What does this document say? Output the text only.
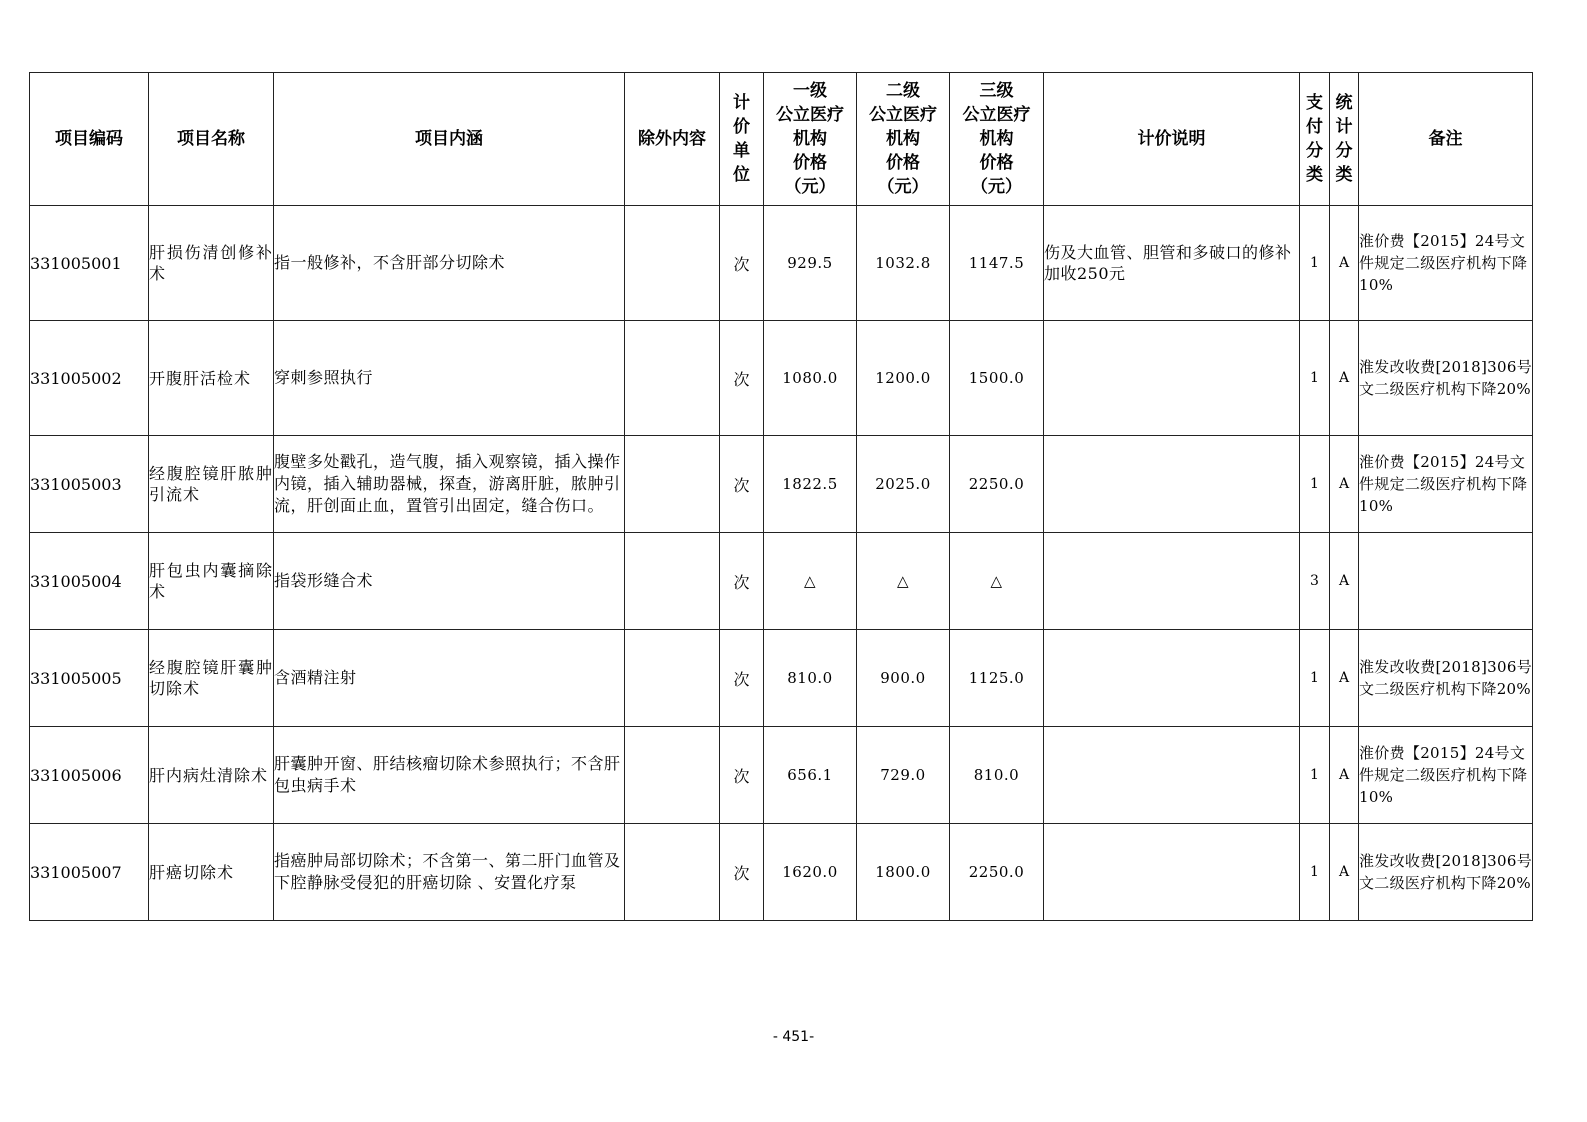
项目编码	项目名称	项目内涵	除外内容	计
价
单
位	一级
公立医疗
机构
价格
（元）	二级
公立医疗
机构
价格
（元）	三级
公立医疗
机构
价格
（元）	计价说明	支
付
分
类	统
计
分
类	备注
331005001	肝损伤清创修补术	指一般修补，不含肝部分切除术		次	929.5	1032.8	1147.5	伤及大血管、胆管和多破口的修补加收250元	1	A	淮价费【2015】24号文件规定二级医疗机构下降10%
331005002	开腹肝活检术	穿刺参照执行		次	1080.0	1200.0	1500.0		1	A	淮发改收费[2018]306号文二级医疗机构下降20%
331005003	经腹腔镜肝脓肿引流术	腹壁多处戳孔，造气腹，插入观察镜，插入操作内镜，插入辅助器械，探查，游离肝脏，脓肿引流，肝创面止血，置管引出固定，缝合伤口。		次	1822.5	2025.0	2250.0		1	A	淮价费【2015】24号文件规定二级医疗机构下降10%
331005004	肝包虫内囊摘除术	指袋形缝合术		次	△	△	△		3	A	
331005005	经腹腔镜肝囊肿切除术	含酒精注射		次	810.0	900.0	1125.0		1	A	淮发改收费[2018]306号文二级医疗机构下降20%
331005006	肝内病灶清除术	肝囊肿开窗、肝结核瘤切除术参照执行；不含肝包虫病手术		次	656.1	729.0	810.0		1	A	淮价费【2015】24号文件规定二级医疗机构下降10%
331005007	肝癌切除术	指癌肿局部切除术；不含第一、第二肝门血管及下腔静脉受侵犯的肝癌切除 、安置化疗泵		次	1620.0	1800.0	2250.0		1	A	淮发改收费[2018]306号文二级医疗机构下降20%
- 451-
